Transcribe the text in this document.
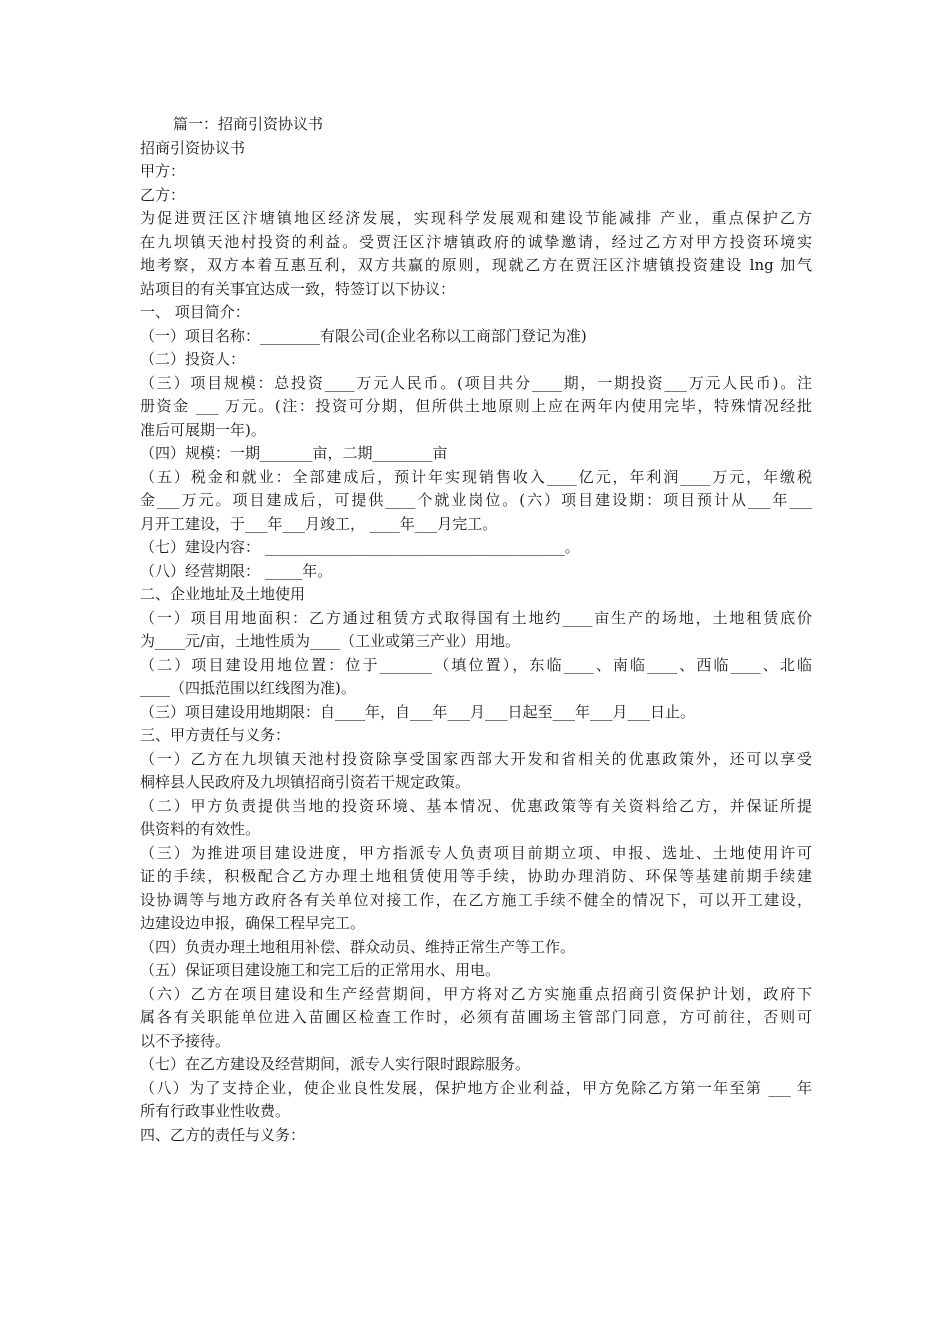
篇一：招商引资协议书
招商引资协议书
甲方：
乙方：
为促进贾汪区汴塘镇地区经济发展，实现科学发展观和建设节能减排 产业，重点保护乙方
在九坝镇天池村投资的利益。受贾汪区汴塘镇政府的诚挚邀请，经过乙方对甲方投资环境实
地考察，双方本着互惠互利，双方共赢的原则，现就乙方在贾汪区汴塘镇投资建设 lng 加气
站项目的有关事宜达成一致，特签订以下协议：
一、 项目简介：
（一）项目名称：________有限公司(企业名称以工商部门登记为准)
（二）投资人：
（三）项目规模：总投资____万元人民币。(项目共分____期，一期投资___万元人民币)。注
册资金 ___ 万元。(注：投资可分期，但所供土地原则上应在两年内使用完毕，特殊情况经批
准后可展期一年)。
（四）规模：一期_______亩，二期________亩
（五）税金和就业：全部建成后，预计年实现销售收入____亿元，年利润____万元，年缴税
金___万元。项目建成后，可提供____个就业岗位。(六）项目建设期：项目预计从___年___
月开工建设，于___年___月竣工， ____年___月完工。
（七）建设内容： ________________________________________。
（八）经营期限： _____年。
二、企业地址及土地使用
（一）项目用地面积：乙方通过租赁方式取得国有土地约____亩生产的场地，土地租赁底价
为____元/亩，土地性质为____（工业或第三产业）用地。
（二）项目建设用地位置：位于_______（填位置），东临____、南临____、西临____、北临
____（四抵范围以红线图为准)。
（三）项目建设用地期限：自____年，自___年___月___日起至___年___月___日止。
三、甲方责任与义务：
（一）乙方在九坝镇天池村投资除享受国家西部大开发和省相关的优惠政策外，还可以享受
桐梓县人民政府及九坝镇招商引资若干规定政策。
（二）甲方负责提供当地的投资环境、基本情况、优惠政策等有关资料给乙方，并保证所提
供资料的有效性。
（三）为推进项目建设进度，甲方指派专人负责项目前期立项、申报、选址、土地使用许可
证的手续，积极配合乙方办理土地租赁使用等手续，协助办理消防、环保等基建前期手续建
设协调等与地方政府各有关单位对接工作，在乙方施工手续不健全的情况下，可以开工建设，
边建设边申报，确保工程早完工。
（四）负责办理土地租用补偿、群众动员、维持正常生产等工作。
（五）保证项目建设施工和完工后的正常用水、用电。
（六）乙方在项目建设和生产经营期间，甲方将对乙方实施重点招商引资保护计划，政府下
属各有关职能单位进入苗圃区检查工作时，必须有苗圃场主管部门同意，方可前往，否则可
以不予接待。
（七）在乙方建设及经营期间，派专人实行限时跟踪服务。
（八）为了支持企业，使企业良性发展，保护地方企业利益，甲方免除乙方第一年至第 ___ 年
所有行政事业性收费。
四、乙方的责任与义务：
